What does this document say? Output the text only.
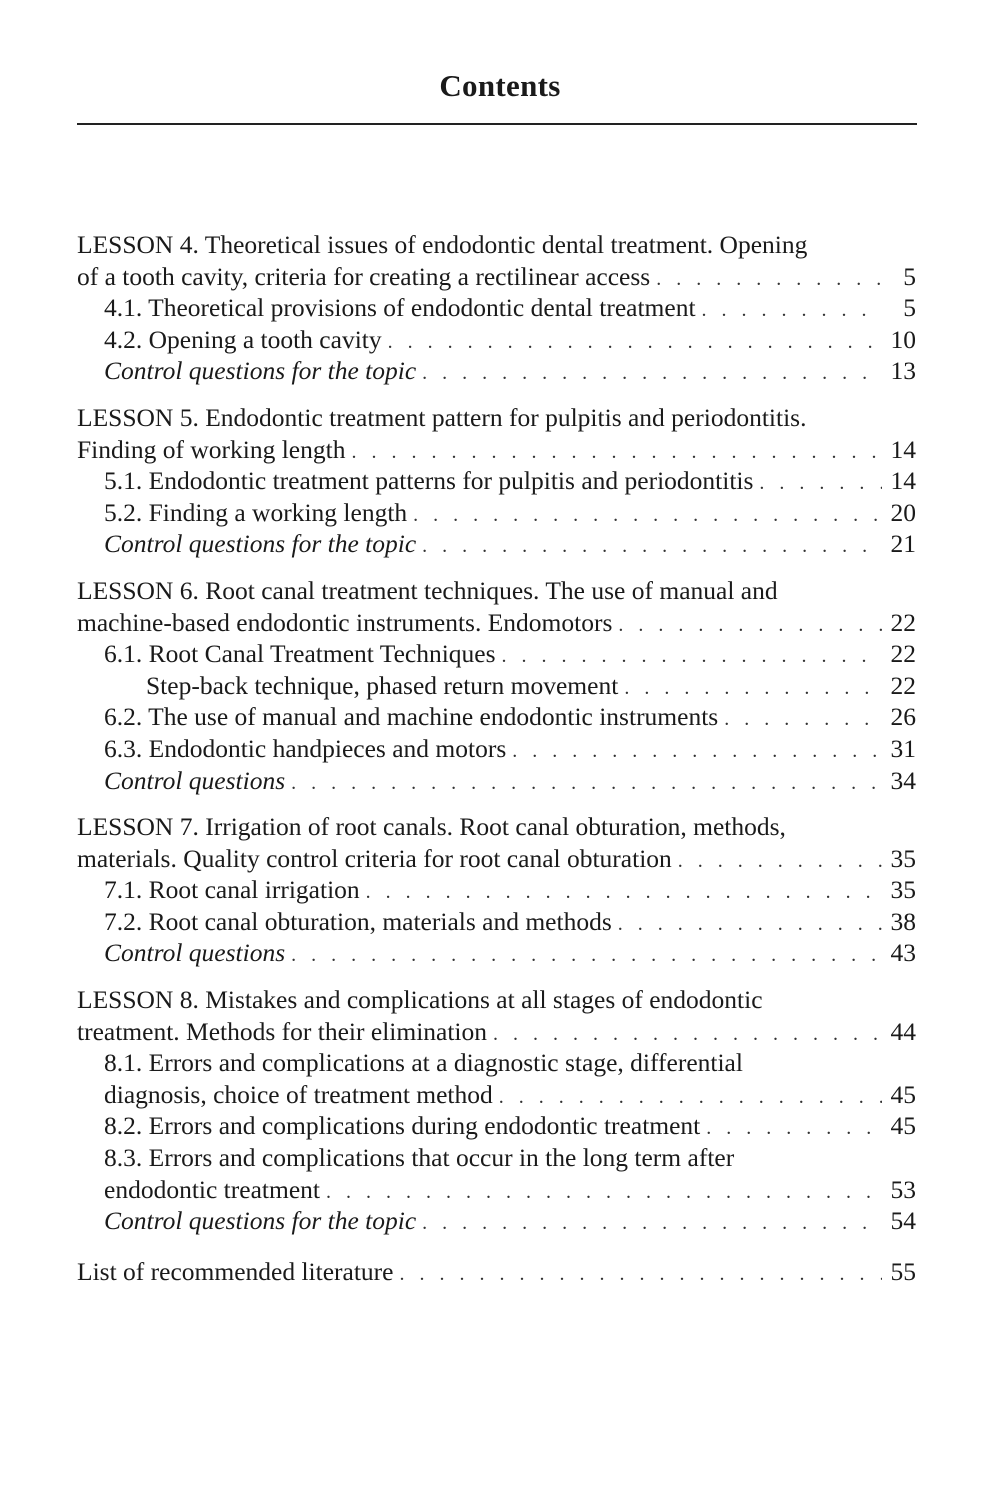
Contents
LESSON 4. Theoretical issues of endodontic dental treatment. Opening
of a tooth cavity, criteria for creating a rectilinear access . . .	5
4.1. Theoretical provisions of endodontic dental treatment . . .	5
4.2. Opening a tooth cavity . . .	10
Control questions for the topic . . .	13
LESSON 5. Endodontic treatment pattern for pulpitis and periodontitis.
Finding of working length . . .	14
5.1. Endodontic treatment patterns for pulpitis and periodontitis . . .	14
5.2. Finding a working length . . .	20
Control questions for the topic . . .	21
LESSON 6. Root canal treatment techniques. The use of manual and
machine-based endodontic instruments. Endomotors . . .	22
6.1. Root Canal Treatment Techniques . . .	22
Step-back technique, phased return movement . . .	22
6.2. The use of manual and machine endodontic instruments . . .	26
6.3. Endodontic handpieces and motors . . .	31
Control questions . . .	34
LESSON 7. Irrigation of root canals. Root canal obturation, methods,
materials. Quality control criteria for root canal obturation . . .	35
7.1. Root canal irrigation . . .	35
7.2. Root canal obturation, materials and methods . . .	38
Control questions . . .	43
LESSON 8. Mistakes and complications at all stages of endodontic
treatment. Methods for their elimination . . .	44
8.1. Errors and complications at a diagnostic stage, differential
diagnosis, choice of treatment method . . .	45
8.2. Errors and complications during endodontic treatment . . .	45
8.3. Errors and complications that occur in the long term after
endodontic treatment . . .	53
Control questions for the topic . . .	54
List of recommended literature . . .	55
